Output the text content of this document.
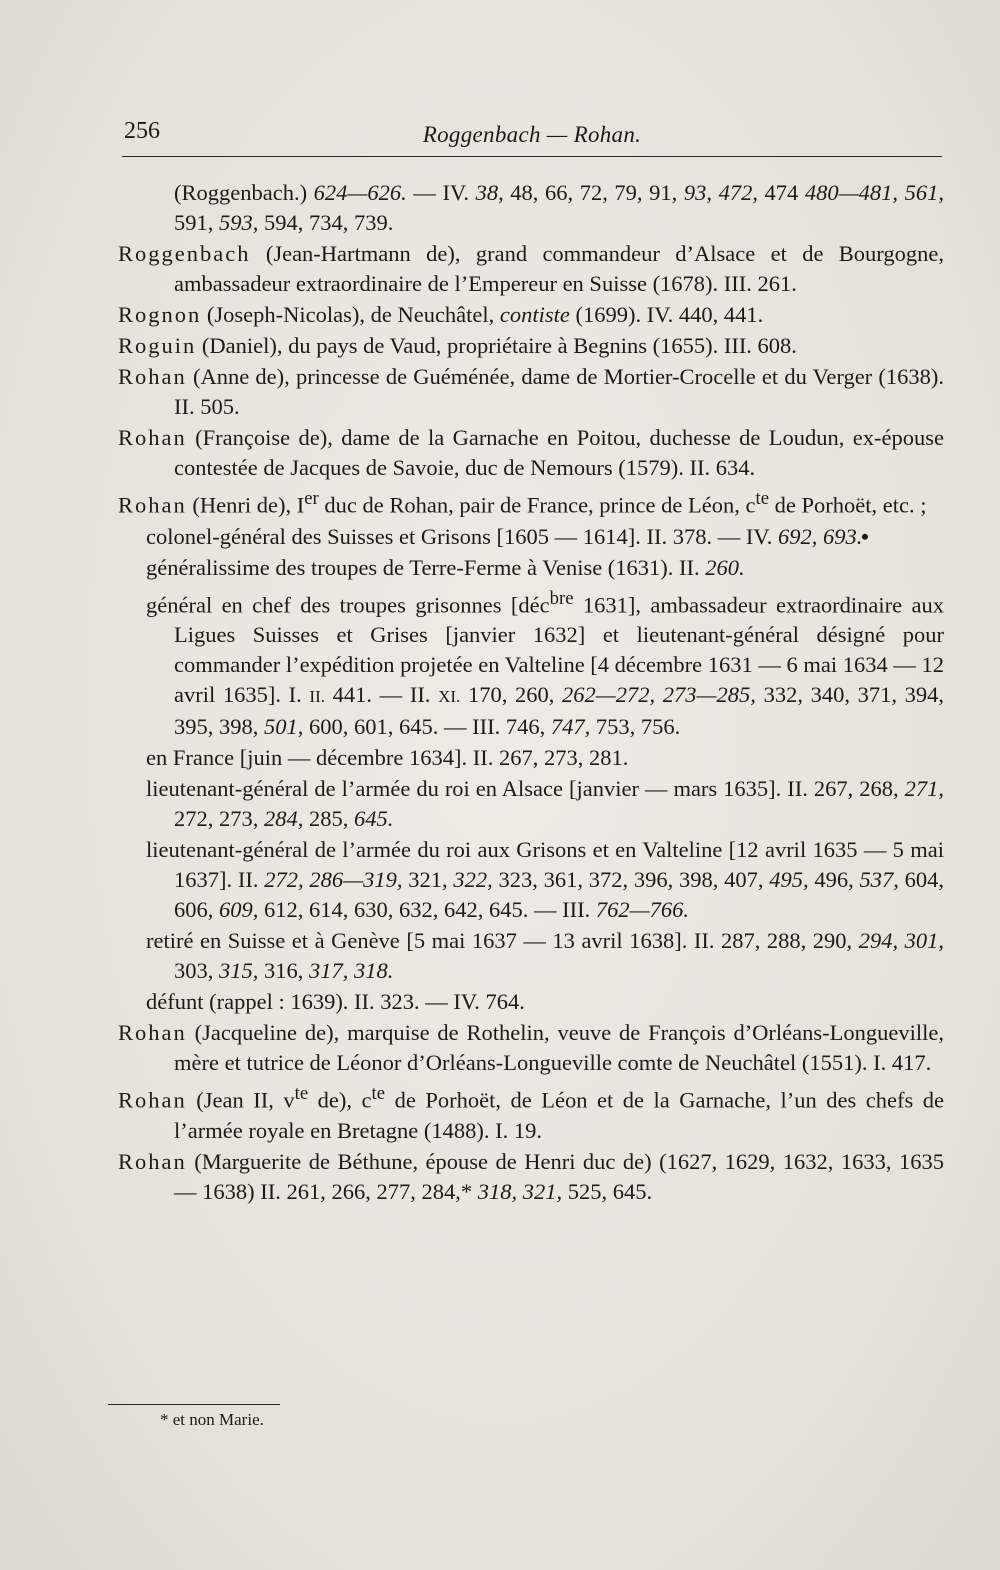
256	Roggenbach — Rohan.

(Roggenbach.) 624—626. — IV. 38, 48, 66, 72, 79, 91, 93, 472, 474 480—481, 561, 591, 593, 594, 734, 739.

Roggenbach (Jean-Hartmann de), grand commandeur d’Alsace et de Bourgogne, ambassadeur extraordinaire de l’Empereur en Suisse (1678). III. 261.

Rognon (Joseph-Nicolas), de Neuchâtel, contiste (1699). IV. 440, 441.

Roguin (Daniel), du pays de Vaud, propriétaire à Begnins (1655). III. 608.

Rohan (Anne de), princesse de Guéménée, dame de Mortier-Crocelle et du Verger (1638). II. 505.

Rohan (Françoise de), dame de la Garnache en Poitou, duchesse de Loudun, ex-épouse contestée de Jacques de Savoie, duc de Nemours (1579). II. 634.

Rohan (Henri de), Ier duc de Rohan, pair de France, prince de Léon, $c^{te}$ de Porhoët, etc. ;

colonel-général des Suisses et Grisons [1605 — 1614]. II. 378. — IV. 692, 693. •

généralissime des troupes de Terre-Ferme à Venise (1631). II. 260.

général en chef des troupes grisonnes [déc$^{bre}$ 1631], ambassadeur extraordinaire aux Ligues Suisses et Grises [janvier 1632] et lieutenant-général désigné pour commander l’expédition projetée en Valteline [4 décembre 1631 — 6 mai 1634 — 12 avril 1635]. I. II. 441. — II. XI. 170, 260, 262—272, 273—285, 332, 340, 371, 394, 395, 398, 501, 600, 601, 645. — III. 746, 747, 753, 756.

en France [juin — décembre 1634]. II. 267, 273, 281.

lieutenant-général de l’armée du roi en Alsace [janvier — mars 1635]. II. 267, 268, 271, 272, 273, 284, 285, 645.

lieutenant-général de l’armée du roi aux Grisons et en Valteline [12 avril 1635 — 5 mai 1637]. II. 272, 286—319, 321, 322, 323, 361, 372, 396, 398, 407, 495, 496, 537, 604, 606, 609, 612, 614, 630, 632, 642, 645. — III. 762—766.

retiré en Suisse et à Genève [5 mai 1637 — 13 avril 1638]. II. 287, 288, 290, 294, 301, 303, 315, 316, 317, 318.

défunt (rappel : 1639). II. 323. — IV. 764.

Rohan (Jacqueline de), marquise de Rothelin, veuve de François d’Orléans-Longueville, mère et tutrice de Léonor d’Orléans-Longueville comte de Neuchâtel (1551). I. 417.

Rohan (Jean II, $v^{te}$ de), $c^{te}$ de Porhoët, de Léon et de la Garnache, l’un des chefs de l’armée royale en Bretagne (1488). I. 19.

Rohan (Marguerite de Béthune, épouse de Henri duc de) (1627, 1629, 1632, 1633, 1635 — 1638) II. 261, 266, 277, 284,* 318, 321, 525, 645.

* et non Marie.
